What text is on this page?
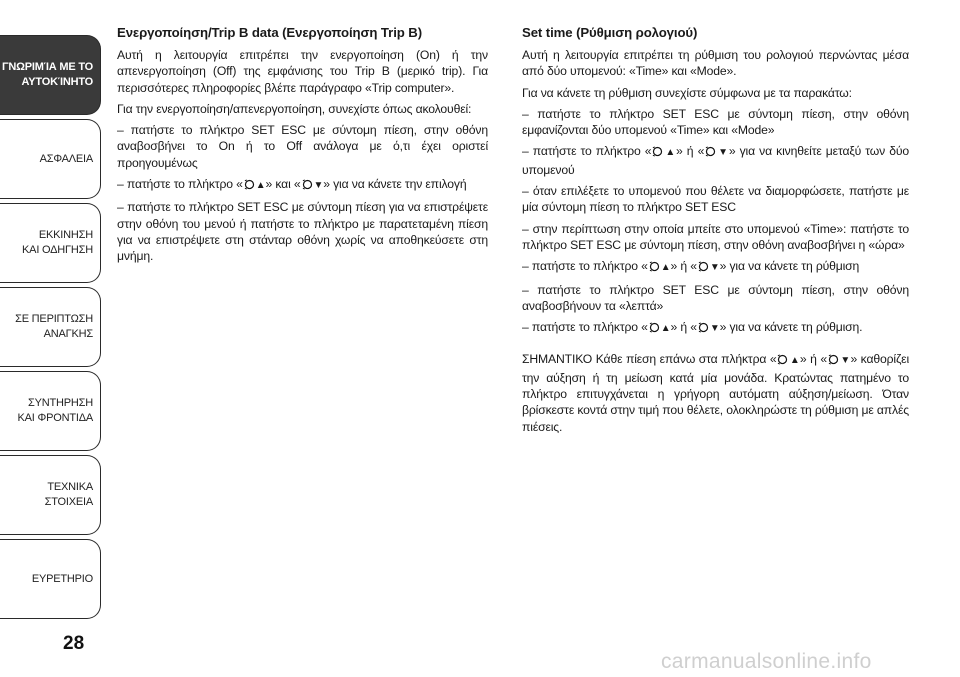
ΓΝΩΡΙΜΊΑ ΜΕ ΤΟ
ΑΥΤΟΚΊΝΗΤΟ
ΑΣΦΑΛΕΙΑ
ΕΚΚΙΝΗΣΗ
ΚΑΙ ΟΔΗΓΗΣΗ
ΣΕ ΠΕΡΙΠΤΩΣΗ
ΑΝΑΓΚΗΣ
ΣΥΝΤΗΡΗΣΗ
ΚΑΙ ΦΡΟΝΤΙΔΑ
ΤΕΧΝΙΚΑ
ΣΤΟΙΧΕΙΑ
ΕΥΡΕΤΗΡΙΟ
28
Ενεργοποίηση/Trip B data (Ενεργοποίηση Trip B)

Αυτή η λειτουργία επιτρέπει την ενεργοποίηση (On) ή την απενεργοποίηση (Off) της εμφάνισης του Trip B (μερικό trip). Για περισσότερες πληροφορίες βλέπε παράγραφο «Trip computer».

Για την ενεργοποίηση/απενεργοποίηση, συνεχίστε όπως ακολουθεί:

– πατήστε το πλήκτρο SET ESC με σύντομη πίεση, στην οθόνη αναβοσβήνει το On ή το Off ανάλογα με ό,τι έχει οριστεί προηγουμένως

– πατήστε το πλήκτρο « ▲» και « ▼» για να κάνετε την επιλογή

– πατήστε το πλήκτρο SET ESC με σύντομη πίεση για να επιστρέψετε στην οθόνη του μενού ή πατήστε το πλήκτρο με παρατεταμένη πίεση για να επιστρέψετε στη στάνταρ οθόνη χωρίς να αποθηκεύσετε στη μνήμη.

Set time (Ρύθμιση ρολογιού)

Αυτή η λειτουργία επιτρέπει τη ρύθμιση του ρολογιού περνώντας μέσα από δύο υπομενού: «Time» και «Mode».

Για να κάνετε τη ρύθμιση συνεχίστε σύμφωνα με τα παρακάτω:

– πατήστε το πλήκτρο SET ESC με σύντομη πίεση, στην οθόνη εμφανίζονται δύο υπομενού «Time» και «Mode»

– πατήστε το πλήκτρο « ▲» ή « ▼» για να κινηθείτε μεταξύ των δύο υπομενού

– όταν επιλέξετε το υπομενού που θέλετε να διαμορφώσετε, πατήστε με μία σύντομη πίεση το πλήκτρο SET ESC

– στην περίπτωση στην οποία μπείτε στο υπομενού «Time»: πατήστε το πλήκτρο SET ESC με σύντομη πίεση, στην οθόνη αναβοσβήνει η «ώρα»

– πατήστε το πλήκτρο « ▲» ή « ▼» για να κάνετε τη ρύθμιση

– πατήστε το πλήκτρο SET ESC με σύντομη πίεση, στην οθόνη αναβοσβήνουν τα «λεπτά»

– πατήστε το πλήκτρο « ▲» ή « ▼» για να κάνετε τη ρύθμιση.

ΣΗΜΑΝΤΙΚΟ Κάθε πίεση επάνω στα πλήκτρα « ▲» ή « ▼» καθορίζει την αύξηση ή τη μείωση κατά μία μονάδα. Κρατώντας πατημένο το πλήκτρο επιτυγχάνεται η γρήγορη αυτόματη αύξηση/μείωση. Όταν βρίσκεστε κοντά στην τιμή που θέλετε, ολοκληρώστε τη ρύθμιση με απλές πιέσεις.

carmanualsonline.info
